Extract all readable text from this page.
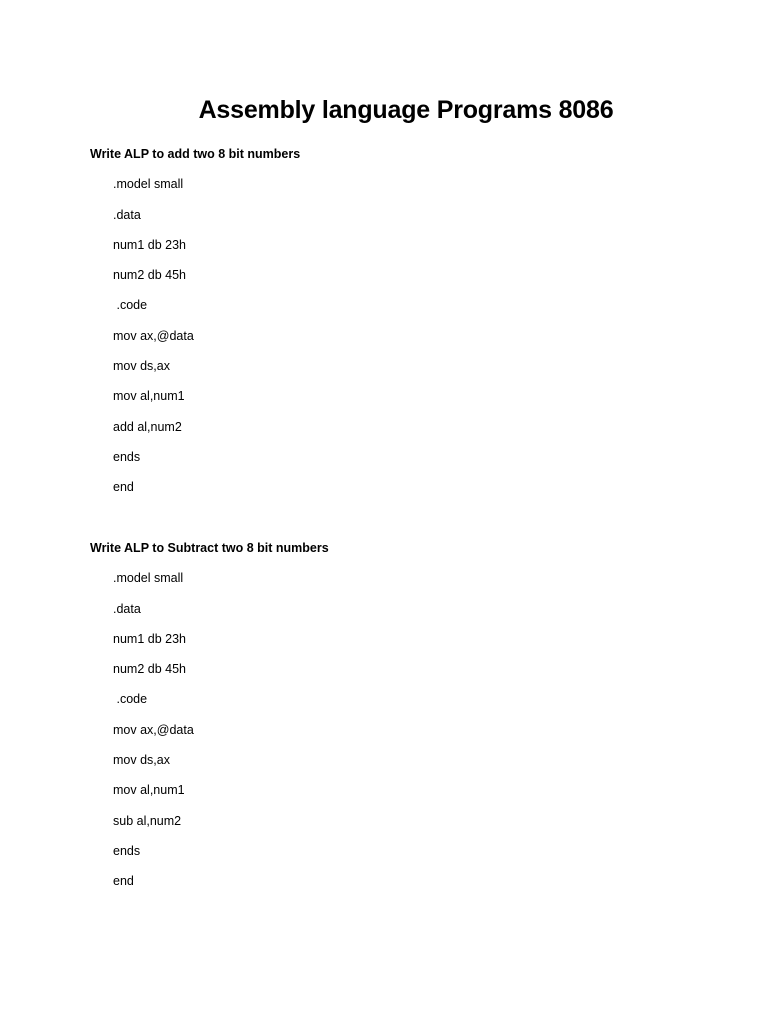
Assembly language Programs 8086

Write ALP to add two 8 bit numbers

.model small
.data
num1 db 23h
num2 db 45h
.code
mov ax,@data
mov ds,ax
mov al,num1
add al,num2
ends
end

Write ALP to Subtract two 8 bit numbers

.model small
.data
num1 db 23h
num2 db 45h
.code
mov ax,@data
mov ds,ax
mov al,num1
sub al,num2
ends
end
